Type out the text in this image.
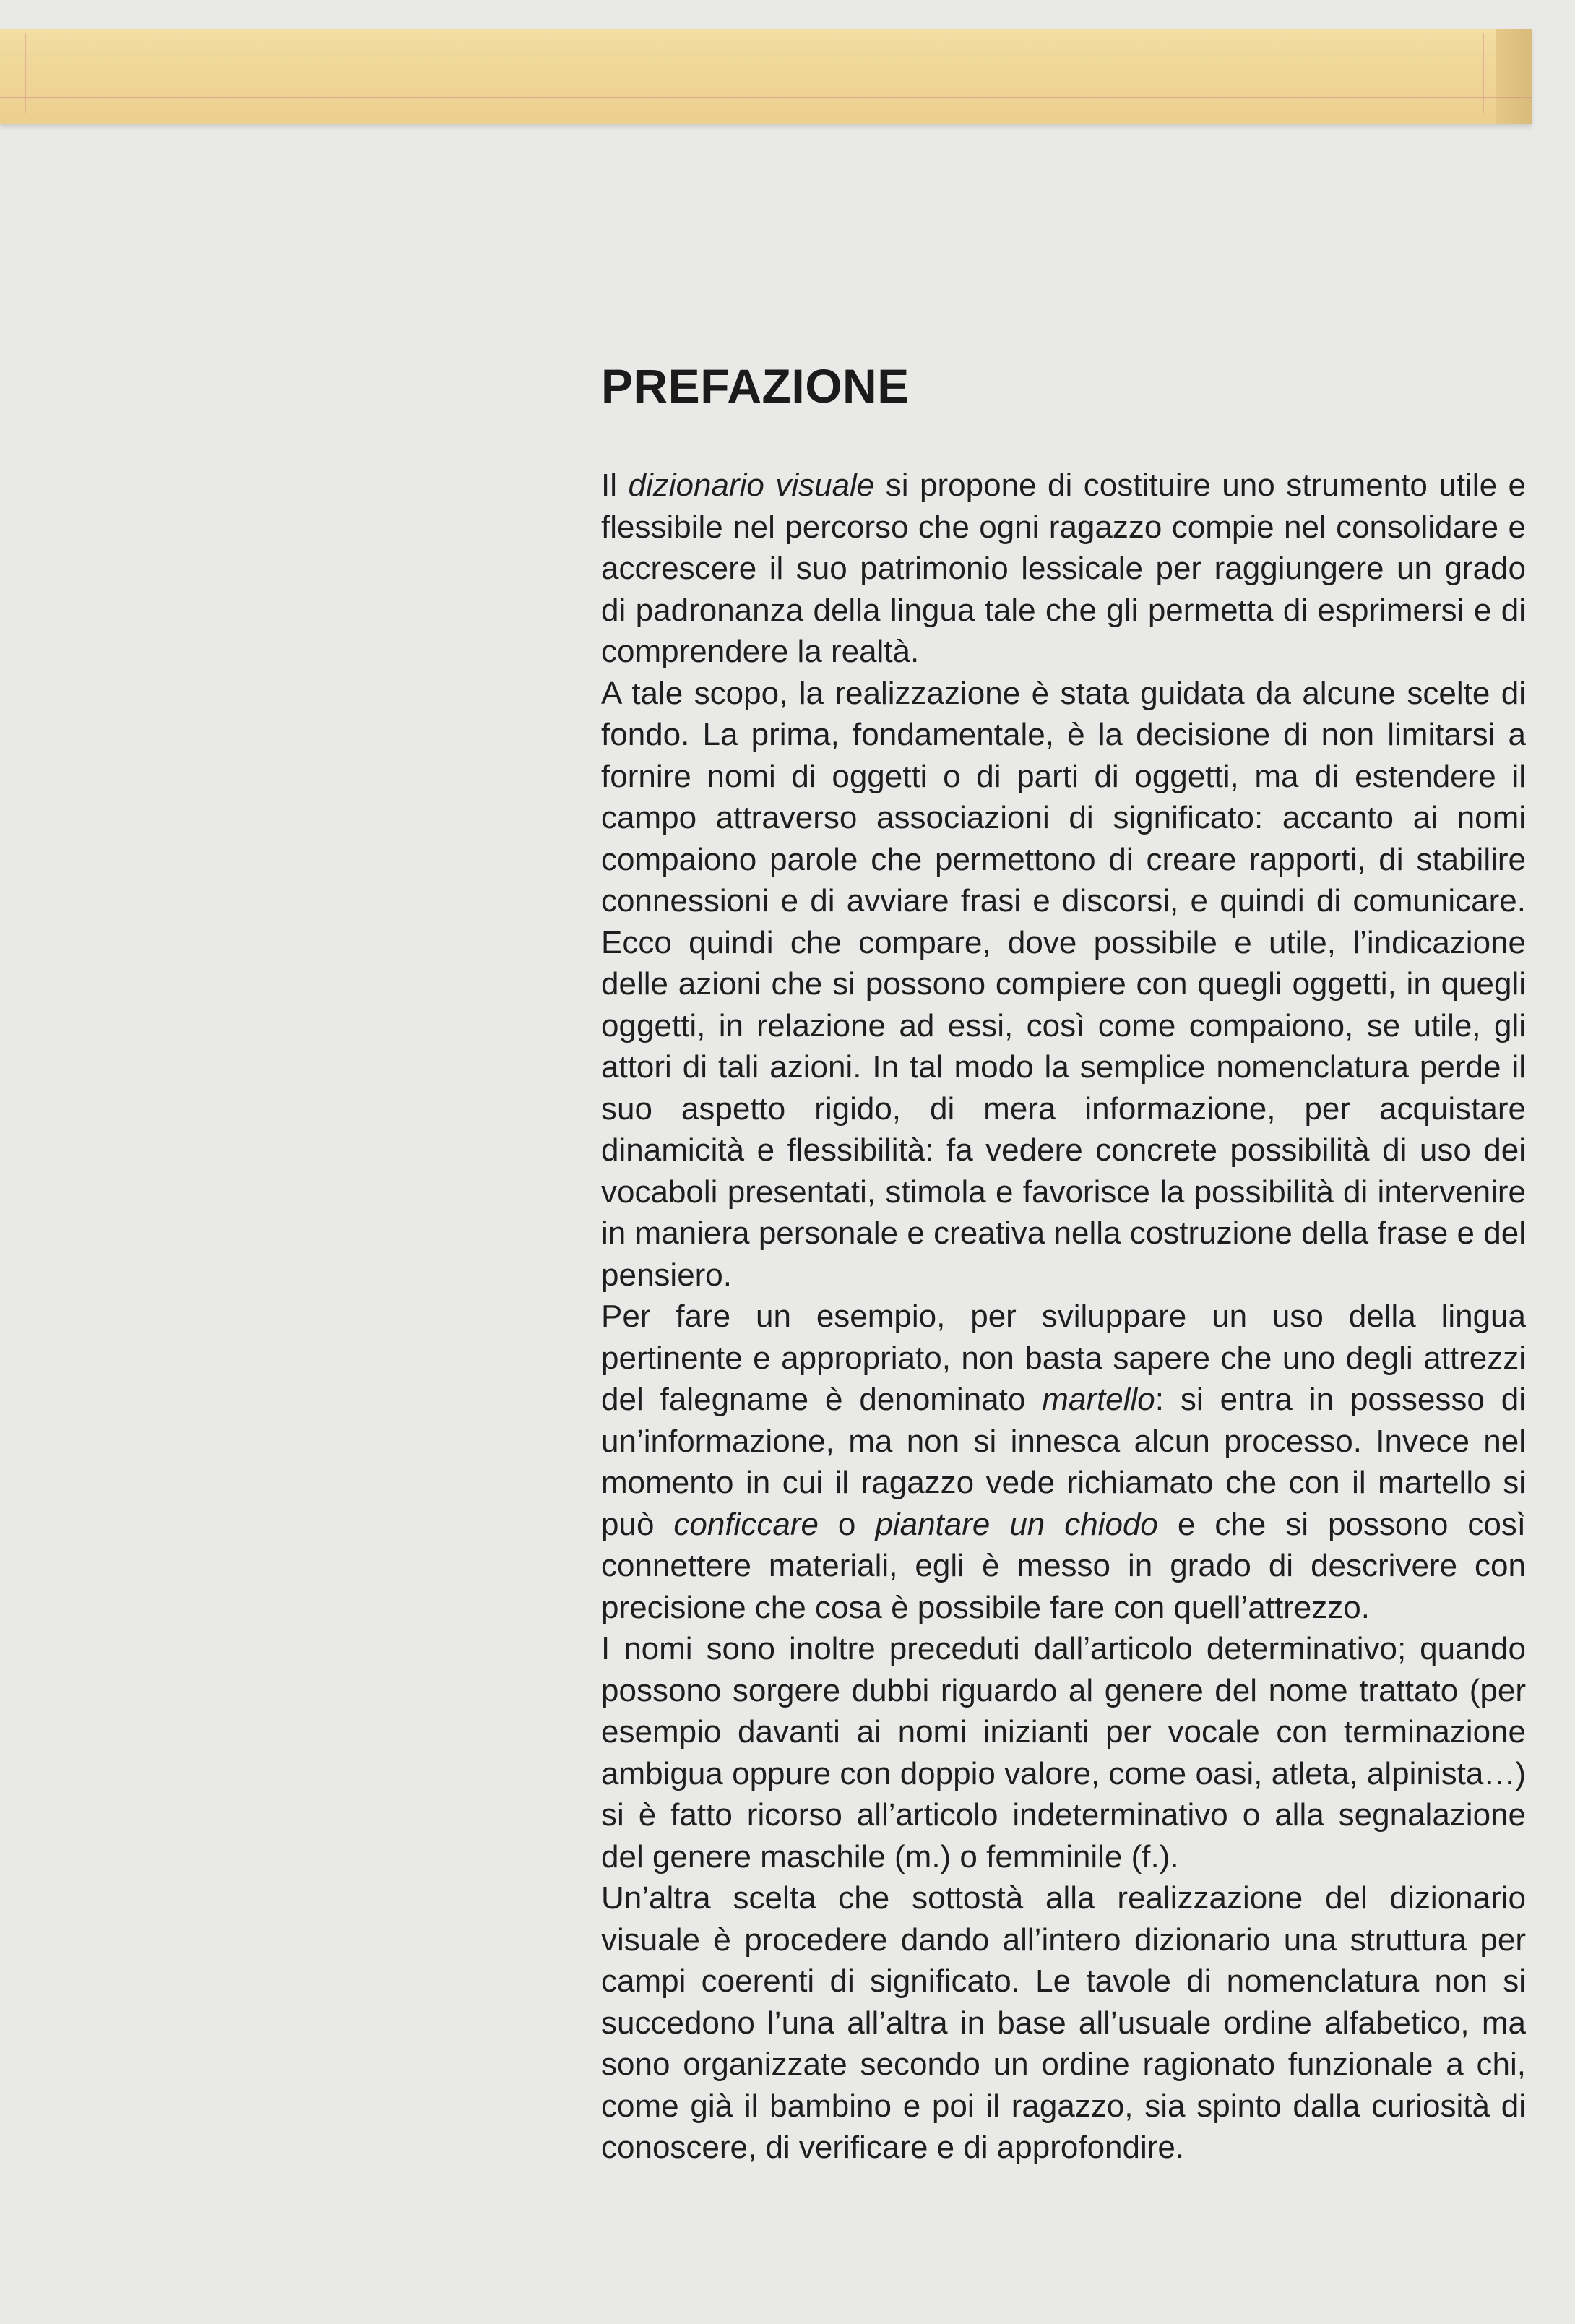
PREFAZIONE

Il dizionario visuale si propone di costituire uno strumento utile e flessibile nel percorso che ogni ragazzo compie nel consolidare e accrescere il suo patrimonio lessicale per raggiungere un grado di padronanza della lingua tale che gli permetta di esprimersi e di comprendere la realtà.

A tale scopo, la realizzazione è stata guidata da alcune scelte di fondo. La prima, fondamentale, è la decisione di non limitarsi a fornire nomi di oggetti o di parti di oggetti, ma di estendere il campo attraverso associazioni di significato: accanto ai nomi compaiono parole che permettono di creare rapporti, di stabilire connessioni e di avviare frasi e discorsi, e quindi di comunicare. Ecco quindi che compare, dove possibile e utile, l’indicazione delle azioni che si possono compiere con quegli oggetti, in quegli oggetti, in relazione ad essi, così come compaiono, se utile, gli attori di tali azioni. In tal modo la semplice nomenclatura perde il suo aspetto rigido, di mera informazione, per acquistare dinamicità e flessibilità: fa vedere concrete possibilità di uso dei vocaboli presentati, stimola e favorisce la possibilità di intervenire in maniera personale e creativa nella costruzione della frase e del pensiero.

Per fare un esempio, per sviluppare un uso della lingua pertinente e appropriato, non basta sapere che uno degli attrezzi del falegname è denominato martello: si entra in possesso di un’informazione, ma non si innesca alcun processo. Invece nel momento in cui il ragazzo vede richiamato che con il martello si può conficcare o piantare un chiodo e che si possono così connettere materiali, egli è messo in grado di descrivere con precisione che cosa è possibile fare con quell’attrezzo.

I nomi sono inoltre preceduti dall’articolo determinativo; quando possono sorgere dubbi riguardo al genere del nome trattato (per esempio davanti ai nomi inizianti per vocale con terminazione ambigua oppure con doppio valore, come oasi, atleta, alpinista…) si è fatto ricorso all’articolo indeterminativo o alla segnalazione del genere maschile (m.) o femminile (f.).

Un’altra scelta che sottostà alla realizzazione del dizionario visuale è procedere dando all’intero dizionario una struttura per campi coerenti di significato. Le tavole di nomenclatura non si succedono l’una all’altra in base all’usuale ordine alfabetico, ma sono organizzate secondo un ordine ragionato funzionale a chi, come già il bambino e poi il ragazzo, sia spinto dalla curiosità di conoscere, di verificare e di approfondire.
